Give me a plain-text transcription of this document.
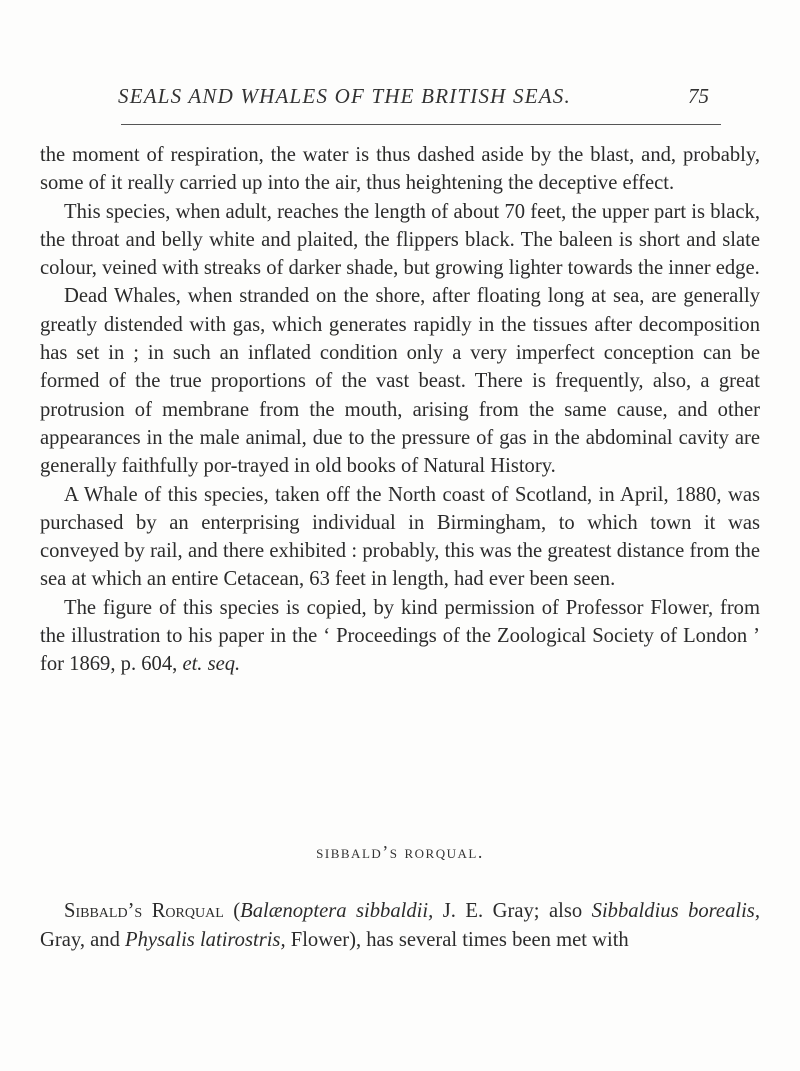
SEALS AND WHALES OF THE BRITISH SEAS.	75

the moment of respiration, the water is thus dashed aside by the blast, and, probably, some of it really carried up into the air, thus heightening the deceptive effect.

This species, when adult, reaches the length of about 70 feet, the upper part is black, the throat and belly white and plaited, the flippers black. The baleen is short and slate colour, veined with streaks of darker shade, but growing lighter towards the inner edge.

Dead Whales, when stranded on the shore, after floating long at sea, are generally greatly distended with gas, which generates rapidly in the tissues after decomposition has set in ; in such an inflated condition only a very imperfect conception can be formed of the true proportions of the vast beast. There is frequently, also, a great protrusion of membrane from the mouth, arising from the same cause, and other appearances in the male animal, due to the pressure of gas in the abdominal cavity are generally faithfully por-trayed in old books of Natural History.

A Whale of this species, taken off the North coast of Scotland, in April, 1880, was purchased by an enterprising individual in Birmingham, to which town it was conveyed by rail, and there exhibited : probably, this was the greatest distance from the sea at which an entire Cetacean, 63 feet in length, had ever been seen.

The figure of this species is copied, by kind permission of Professor Flower, from the illustration to his paper in the ‘ Proceedings of the Zoological Society of London ’ for 1869, p. 604, et. seq.

sibbald’s rorqual.

Sibbald’s Rorqual (Balænoptera sibbaldii, J. E. Gray; also Sibbaldius borealis, Gray, and Physalis latirostris, Flower), has several times been met with
